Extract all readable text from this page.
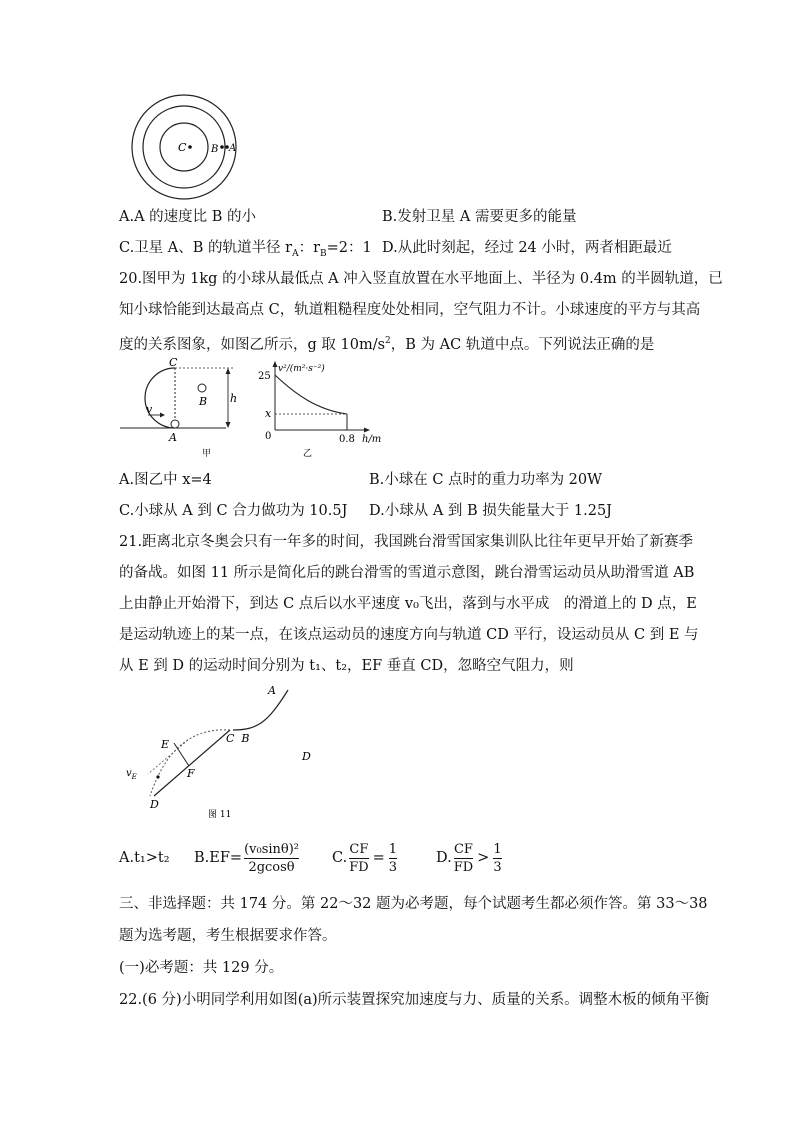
C B A
A.A 的速度比 B 的小	B.发射卫星 A 需要更多的能量
C.卫星 A、B 的轨道半径 $r_A$：$r_B=2$：1 D.从此时刻起，经过 24 小时，两者相距最近
20.图甲为 1kg 的小球从最低点 A 冲入竖直放置在水平地面上、半径为 0.4m 的半圆轨道，已
知小球恰能到达最高点 C，轨道粗糙程度处处相同，空气阻力不计。小球速度的平方与其高
度的关系图象，如图乙所示，g 取 $10m/s^2$，B 为 AC 轨道中点。下列说法正确的是
C
B
A
v
h
甲
v²/(m²·s⁻²)
25
x
0	0.8 h/m
乙
A.图乙中 x=4	B.小球在 C 点时的重力功率为 20W
C.小球从 A 到 C 合力做功为 10.5J D.小球从 A 到 B 损失能量大于 1.25J
21.距离北京冬奥会只有一年多的时间，我国跳台滑雪国家集训队比往年更早开始了新赛季
的备战。如图 11 所示是简化后的跳台滑雪的雪道示意图，跳台滑雪运动员从助滑雪道 AB
上由静止开始滑下，到达 C 点后以水平速度 v₀飞出，落到与水平成　的滑道上的 D 点，E
是运动轨迹上的某一点，在该点运动员的速度方向与轨道 CD 平行，设运动员从 C 到 E 与
从 E 到 D 的运动时间分别为 t₁、t₂，EF 垂直 CD，忽略空气阻力，则
A
E	C  B
D
$v_E$	F
D
图 11
A.t₁>t₂ B.EF=
(v₀sinθ)²
2gcosθ
C.
CF
FD
=
1
3
D.
CF
FD
>
1
3
三、非选择题：共 174 分。第 22～32 题为必考题，每个试题考生都必须作答。第 33～38
题为选考题，考生根据要求作答。
(一)必考题：共 129 分。
22.(6 分)小明同学利用如图(a)所示装置探究加速度与力、质量的关系。调整木板的倾角平衡
